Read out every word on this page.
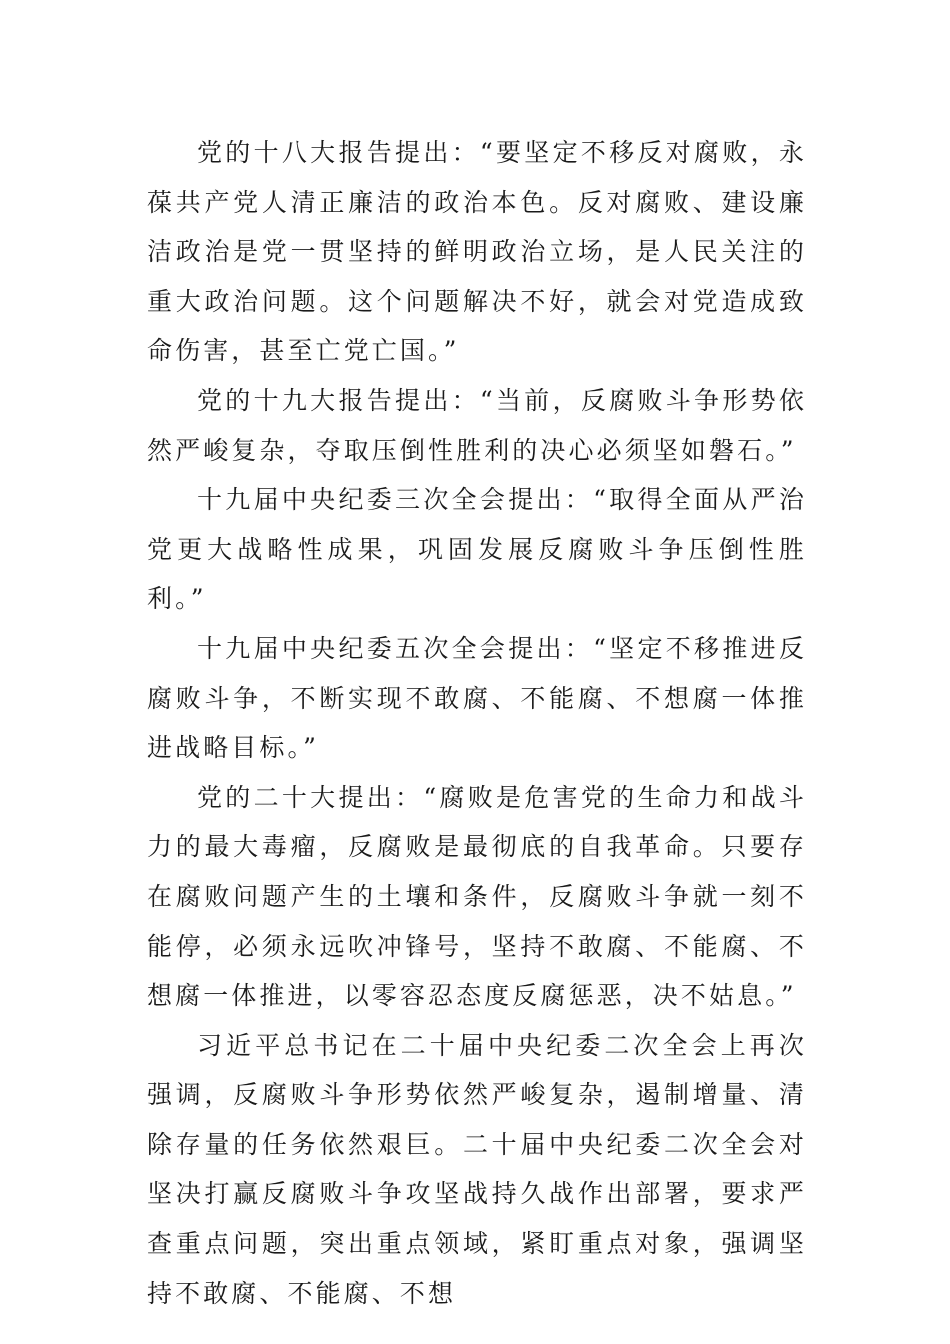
党的十八大报告提出：“要坚定不移反对腐败，永葆共产党人清正廉洁的政治本色。反对腐败、建设廉洁政治是党一贯坚持的鲜明政治立场，是人民关注的重大政治问题。这个问题解决不好，就会对党造成致命伤害，甚至亡党亡国。”

党的十九大报告提出：“当前，反腐败斗争形势依然严峻复杂，夺取压倒性胜利的决心必须坚如磐石。”

十九届中央纪委三次全会提出：“取得全面从严治党更大战略性成果，巩固发展反腐败斗争压倒性胜利。”

十九届中央纪委五次全会提出：“坚定不移推进反腐败斗争，不断实现不敢腐、不能腐、不想腐一体推进战略目标。”

党的二十大提出：“腐败是危害党的生命力和战斗力的最大毒瘤，反腐败是最彻底的自我革命。只要存在腐败问题产生的土壤和条件，反腐败斗争就一刻不能停，必须永远吹冲锋号，坚持不敢腐、不能腐、不想腐一体推进，以零容忍态度反腐惩恶，决不姑息。”

习近平总书记在二十届中央纪委二次全会上再次强调，反腐败斗争形势依然严峻复杂，遏制增量、清除存量的任务依然艰巨。二十届中央纪委二次全会对坚决打赢反腐败斗争攻坚战持久战作出部署，要求严查重点问题，突出重点领域，紧盯重点对象，强调坚持不敢腐、不能腐、不想
